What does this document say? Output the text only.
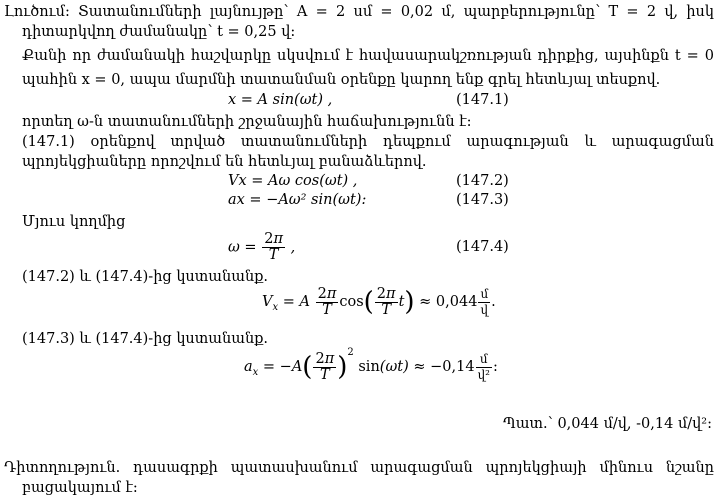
Լուծում: Տատանումների լայնույթը՝ A = 2 սմ = 0,02 մ, պարբերությունը՝ T = 2 վ, իսկ
դիտարկվող ժամանակը՝ t = 0,25 վ:
Քանի որ ժամանակի հաշվարկը սկսվում է հավասարակշռության դիրքից, այսինքն t = 0
պահին x = 0, ապա մարմնի տատանման օրենքը կարող ենք գրել հետևյալ տեսքով.
x = A sin(ωt) ,	(147.1)
որտեղ ω-ն տատանումների շրջանային հաճախությունն է:
(147.1) օրենքով տրված տատանումների դեպքում արագության և արագացման
պրոյեկցիաները որոշվում են հետևյալ բանաձևերով.
Vx = Aω cos(ωt) ,	(147.2)
ax = −Aω² sin(ωt):	(147.3)
Մյուս կողմից
$\omega = \frac{2\pi}{T}$ ,	(147.4)
(147.2) և (147.4)-ից կստանանք.
$V_x = A \frac{2\pi}{T} \cos( \frac{2\pi}{T} t) \approx 0,044 \frac{\text{մ}}{\text{վ}}$ .
(147.3) և (147.4)-ից կստանանք.
$a_x = -A( \frac{2\pi}{T} )^2$ $\sin(\omega t) \approx -0,14 \frac{\text{մ}}{\text{վ²}}$ :
Պատ.՝ 0,044 մ/վ, -0,14 մ/վ²:
Դիտողություն. դասագրքի պատասխանում արագացման պրոյեկցիայի մինուս նշանը
բացակայում է:
